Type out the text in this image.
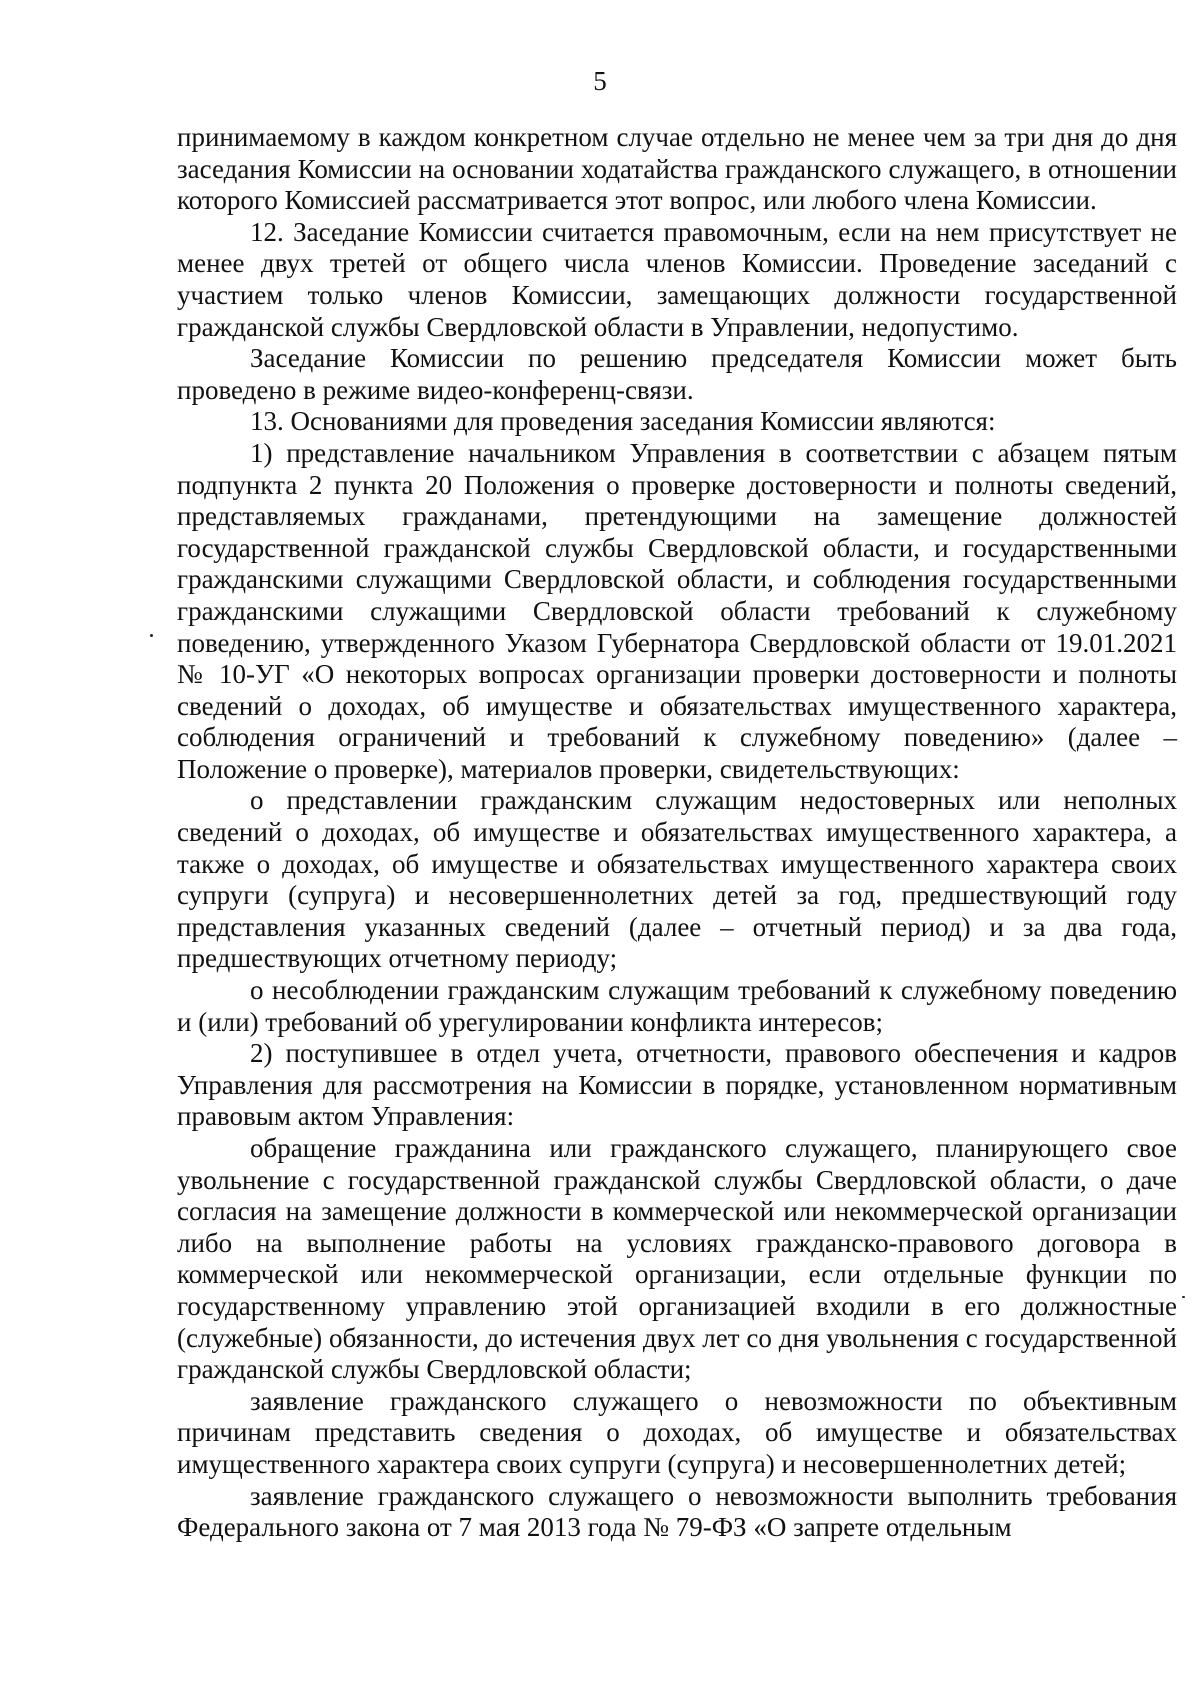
5

принимаемому в каждом конкретном случае отдельно не менее чем за три дня до дня заседания Комиссии на основании ходатайства гражданского служащего, в отношении которого Комиссией рассматривается этот вопрос, или любого члена Комиссии.

12. Заседание Комиссии считается правомочным, если на нем присутствует не менее двух третей от общего числа членов Комиссии. Проведение заседаний с участием только членов Комиссии, замещающих должности государственной гражданской службы Свердловской области в Управлении, недопустимо.

Заседание Комиссии по решению председателя Комиссии может быть проведено в режиме видео-конференц-связи.

13. Основаниями для проведения заседания Комиссии являются:

1) представление начальником Управления в соответствии с абзацем пятым подпункта 2 пункта 20 Положения о проверке достоверности и полноты сведений, представляемых гражданами, претендующими на замещение должностей государственной гражданской службы Свердловской области, и государственными гражданскими служащими Свердловской области, и соблюдения государственными гражданскими служащими Свердловской области требований к служебному поведению, утвержденного Указом Губернатора Свердловской области от 19.01.2021 № 10-УГ «О некоторых вопросах организации проверки достоверности и полноты сведений о доходах, об имуществе и обязательствах имущественного характера, соблюдения ограничений и требований к служебному поведению» (далее – Положение о проверке), материалов проверки, свидетельствующих:

о представлении гражданским служащим недостоверных или неполных сведений о доходах, об имуществе и обязательствах имущественного характера, а также о доходах, об имуществе и обязательствах имущественного характера своих супруги (супруга) и несовершеннолетних детей за год, предшествующий году представления указанных сведений (далее – отчетный период) и за два года, предшествующих отчетному периоду;

о несоблюдении гражданским служащим требований к служебному поведению и (или) требований об урегулировании конфликта интересов;

2) поступившее в отдел учета, отчетности, правового обеспечения и кадров Управления для рассмотрения на Комиссии в порядке, установленном нормативным правовым актом Управления:

обращение гражданина или гражданского служащего, планирующего свое увольнение с государственной гражданской службы Свердловской области, о даче согласия на замещение должности в коммерческой или некоммерческой организации либо на выполнение работы на условиях гражданско-правового договора в коммерческой или некоммерческой организации, если отдельные функции по государственному управлению этой организацией входили в его должностные (служебные) обязанности, до истечения двух лет со дня увольнения с государственной гражданской службы Свердловской области;

заявление гражданского служащего о невозможности по объективным причинам представить сведения о доходах, об имуществе и обязательствах имущественного характера своих супруги (супруга) и несовершеннолетних детей;

заявление гражданского служащего о невозможности выполнить требования Федерального закона от 7 мая 2013 года № 79-ФЗ «О запрете отдельным
